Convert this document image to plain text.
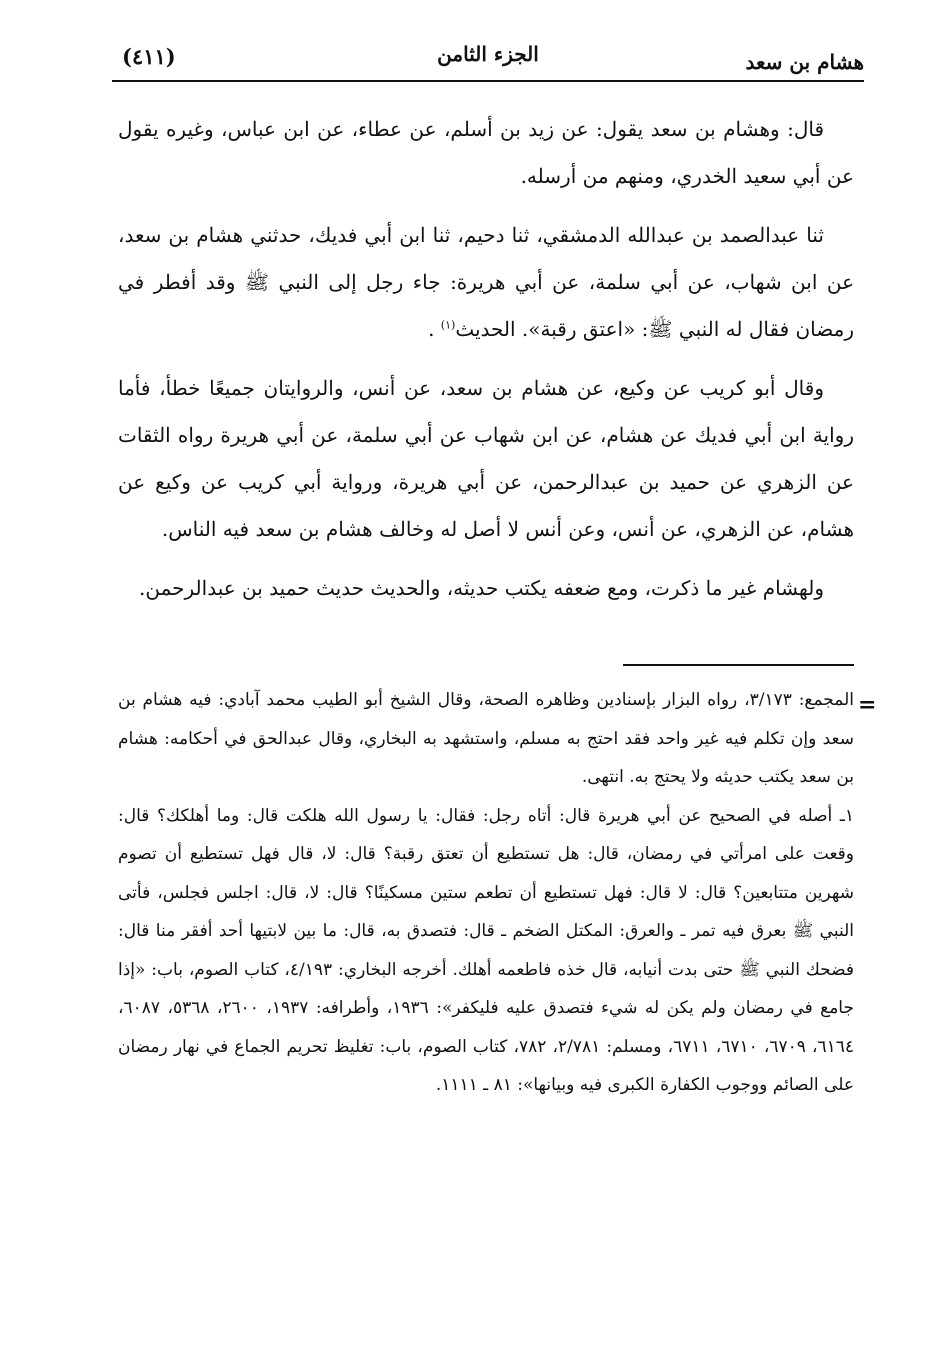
هشام بن سعد
الجزء الثامن
(٤١١)

قال: وهشام بن سعد يقول: عن زيد بن أسلم، عن عطاء، عن ابن عباس، وغيره يقول عن أبي سعيد الخدري، ومنهم من أرسله.

ثنا عبدالصمد بن عبدالله الدمشقي، ثنا دحيم، ثنا ابن أبي فديك، حدثني هشام بن سعد، عن ابن شهاب، عن أبي سلمة، عن أبي هريرة: جاء رجل إلى النبي ﷺ وقد أفطر في رمضان فقال له النبي ﷺ: «اعتق رقبة». الحديث$^{(١)}$ .

وقال أبو كريب عن وكيع، عن هشام بن سعد، عن أنس، والروايتان جميعًا خطأ، فأما رواية ابن أبي فديك عن هشام، عن ابن شهاب عن أبي سلمة، عن أبي هريرة رواه الثقات عن الزهري عن حميد بن عبدالرحمن، عن أبي هريرة، ورواية أبي كريب عن وكيع عن هشام، عن الزهري، عن أنس، وعن أنس لا أصل له وخالف هشام بن سعد فيه الناس.

ولهشام غير ما ذكرت، ومع ضعفه يكتب حديثه، والحديث حديث حميد بن عبدالرحمن.

=

المجمع: ٣/١٧٣، رواه البزار بإسنادين وظاهره الصحة، وقال الشيخ أبو الطيب محمد آبادي: فيه هشام بن سعد وإن تكلم فيه غير واحد فقد احتج به مسلم، واستشهد به البخاري، وقال عبدالحق في أحكامه: هشام بن سعد يكتب حديثه ولا يحتج به. انتهى.

١ـ أصله في الصحيح عن أبي هريرة قال: أتاه رجل: فقال: يا رسول الله هلكت قال: وما أهلكك؟ قال: وقعت على امرأتي في رمضان، قال: هل تستطيع أن تعتق رقبة؟ قال: لا، قال فهل تستطيع أن تصوم شهرين متتابعين؟ قال: لا قال: فهل تستطيع أن تطعم ستين مسكينًا؟ قال: لا، قال: اجلس فجلس، فأتى النبي ﷺ بعرق فيه تمر ـ والعرق: المكتل الضخم ـ قال: فتصدق به، قال: ما بين لابتيها أحد أفقر منا قال: فضحك النبي ﷺ حتى بدت أنيابه، قال خذه فاطعمه أهلك. أخرجه البخاري: ٤/١٩٣، كتاب الصوم، باب: «إذا جامع في رمضان ولم يكن له شيء فتصدق عليه فليكفر»: ١٩٣٦، وأطرافه: ١٩٣٧، ٢٦٠٠، ٥٣٦٨، ٦٠٨٧، ٦١٦٤، ٦٧٠٩، ٦٧١٠، ٦٧١١، ومسلم: ٢/٧٨١، ٧٨٢، كتاب الصوم، باب: تغليظ تحريم الجماع في نهار رمضان على الصائم ووجوب الكفارة الكبرى فيه وبيانها»: ٨١ ـ ١١١١.
